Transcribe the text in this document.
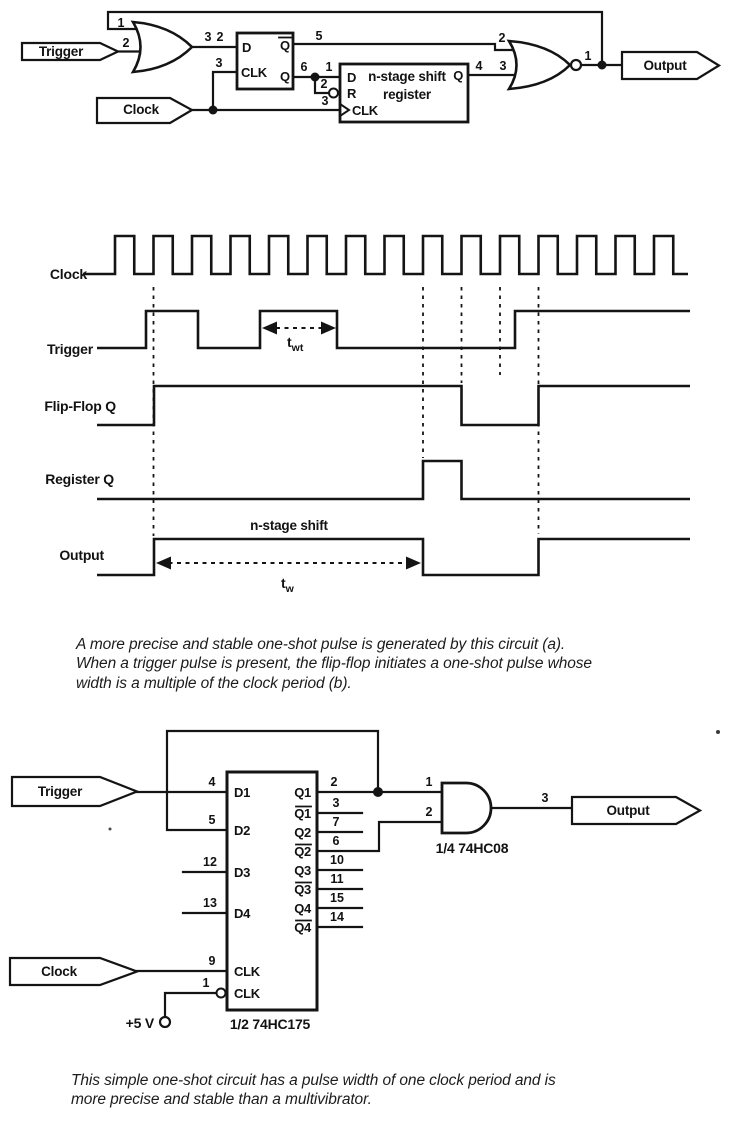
Trigger
Clock
Output
1
2	3 2
3
5
6
D
CLK
Q
Q
1
2
3
4
D
R
CLK
Q
n-stage shift
register
2
3
1
Clock
Trigger
Flip-Flop Q
Register Q
Output
n-stage shift
$t_{wt}$
$t_w$
Trigger
Clock
Output
4
5
12
13
9
1
D1
D2
D3
D4
CLK
CLK
2
3
7
6
10
11
15
14
Q1
Q1
Q2
Q2
Q3
Q3
Q4
Q4
1
2
3
1/4 74HC08
1/2 74HC175
+5 V
A more precise and stable one-shot pulse is generated by this circuit (a).
When a trigger pulse is present, the flip-flop initiates a one-shot pulse whose
width is a multiple of the clock period (b).
This simple one-shot circuit has a pulse width of one clock period and is
more precise and stable than a multivibrator.
